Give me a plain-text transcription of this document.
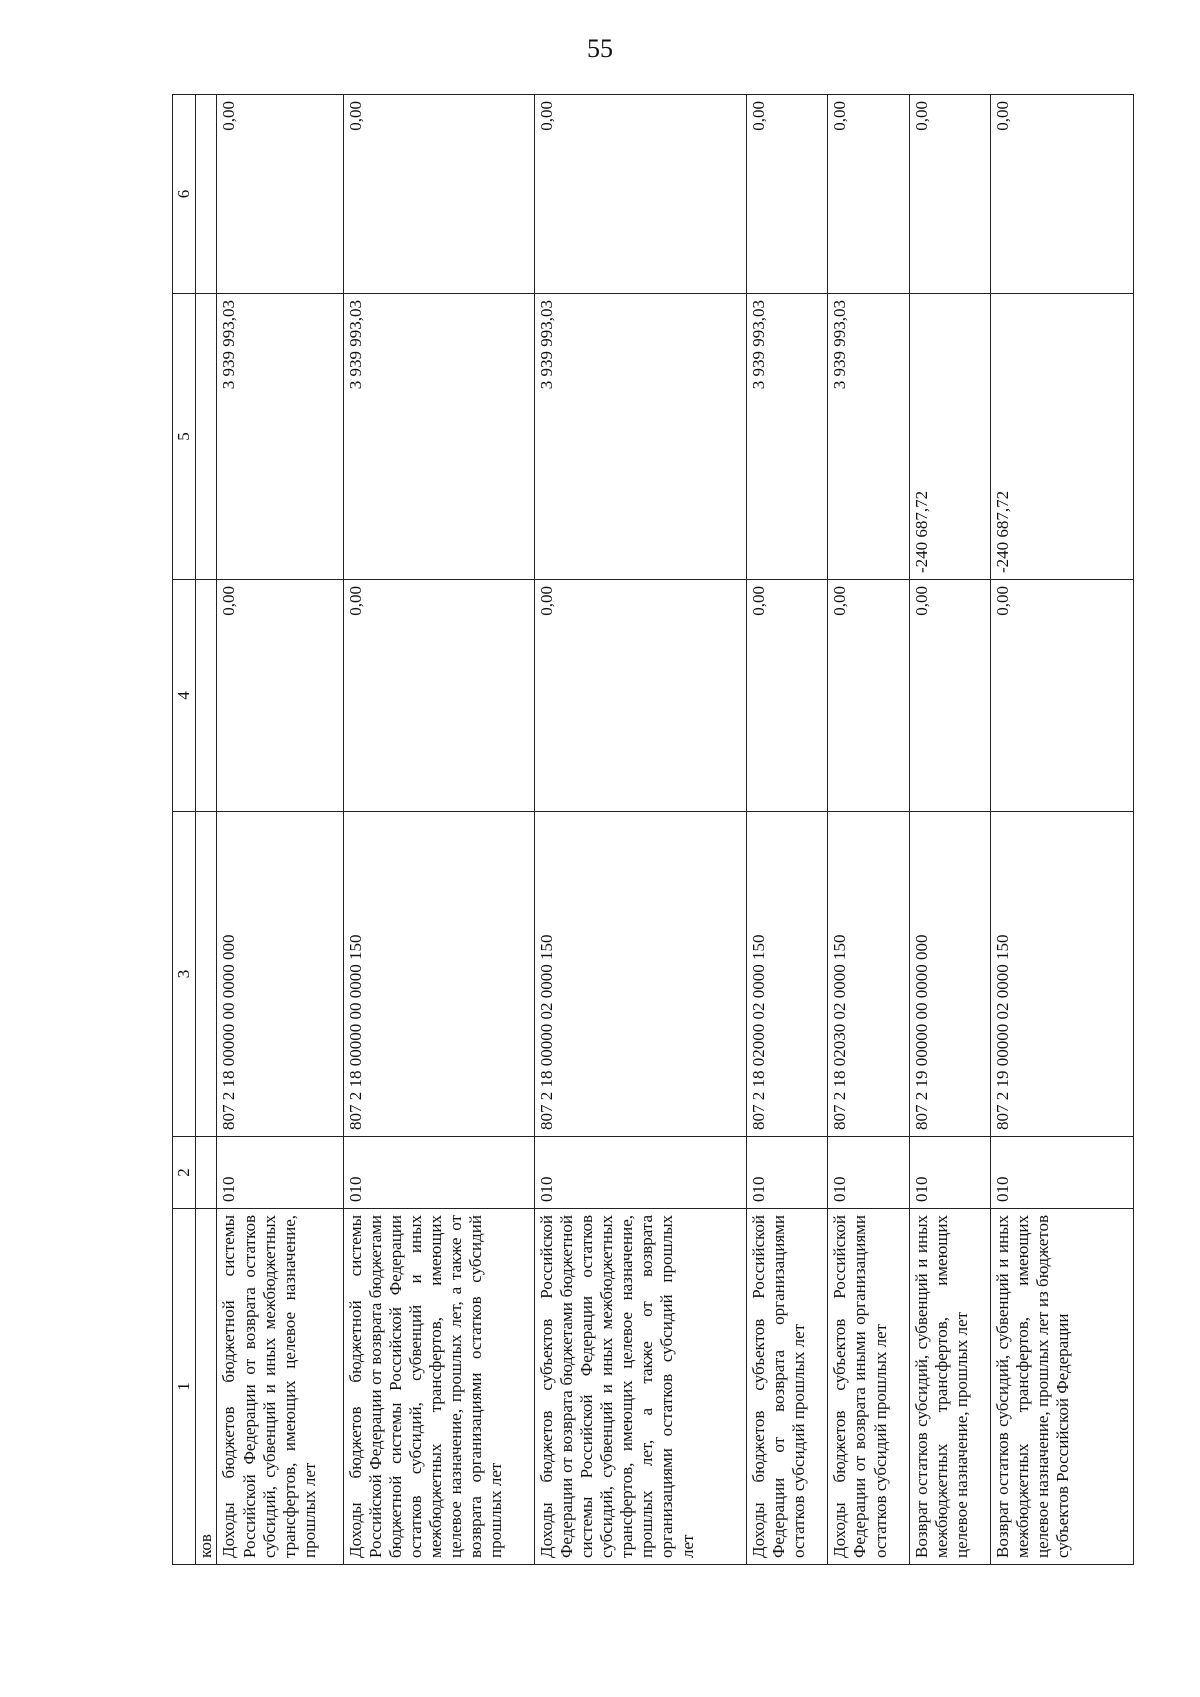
55
1	2	3	4	5	6
ков					
Доходы бюджетов бюджетной системы Российской Федерации от возврата остатков субсидий, субвенций и иных межбюджетных трансфертов, имеющих целевое назначение, прошлых лет	010	807 2 18 00000 00 0000 000	0,00	3 939 993,03	0,00
Доходы бюджетов бюджетной системы Российской Федерации от возврата бюджетами бюджетной системы Российской Федерации остатков субсидий, субвенций и иных межбюджетных трансфертов, имеющих целевое назначение, прошлых лет, а также от возврата организациями остатков субсидий прошлых лет	010	807 2 18 00000 00 0000 150	0,00	3 939 993,03	0,00
Доходы бюджетов субъектов Российской Федерации от возврата бюджетами бюджетной системы Российской Федерации остатков субсидий, субвенций и иных межбюджетных трансфертов, имеющих целевое назначение, прошлых лет, а также от возврата организациями остатков субсидий прошлых лет	010	807 2 18 00000 02 0000 150	0,00	3 939 993,03	0,00
Доходы бюджетов субъектов Российской Федерации от возврата организациями остатков субсидий прошлых лет	010	807 2 18 02000 02 0000 150	0,00	3 939 993,03	0,00
Доходы бюджетов субъектов Российской Федерации от возврата иными организациями остатков субсидий прошлых лет	010	807 2 18 02030 02 0000 150	0,00	3 939 993,03	0,00
Возврат остатков субсидий, субвенций и иных межбюджетных трансфертов, имеющих целевое назначение, прошлых лет	010	807 2 19 00000 00 0000 000	0,00	-240 687,72	0,00
Возврат остатков субсидий, субвенций и иных межбюджетных трансфертов, имеющих целевое назначение, прошлых лет из бюджетов субъектов Российской Федерации	010	807 2 19 00000 02 0000 150	0,00	-240 687,72	0,00
